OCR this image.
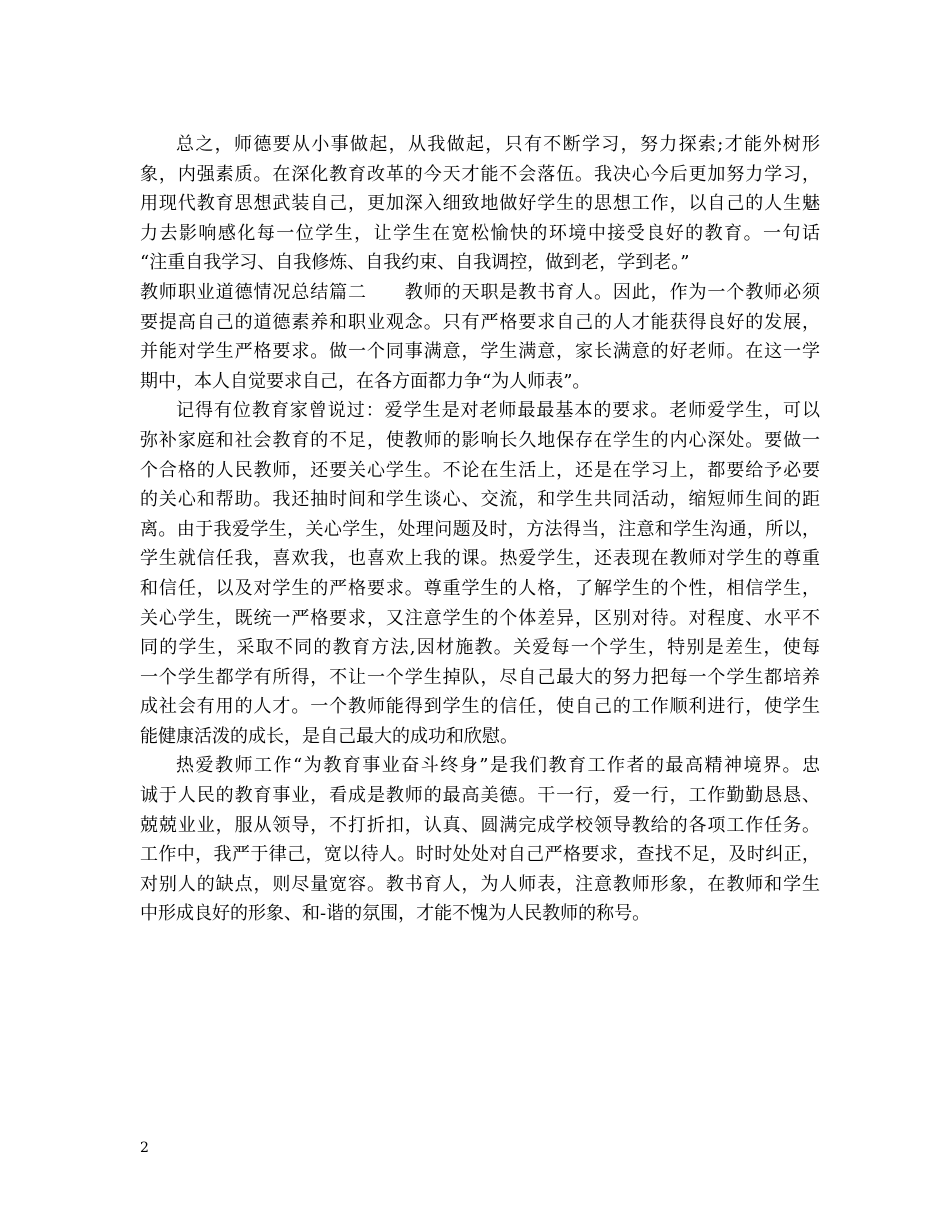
总之，师德要从小事做起，从我做起，只有不断学习，努力探索;才能外树形
象，内强素质。在深化教育改革的今天才能不会落伍。我决心今后更加努力学习，
用现代教育思想武装自己，更加深入细致地做好学生的思想工作，以自己的人生魅
力去影响感化每一位学生，让学生在宽松愉快的环境中接受良好的教育。一句话
“注重自我学习、自我修炼、自我约束、自我调控，做到老，学到老。”
教师职业道德情况总结篇二　　教师的天职是教书育人。因此，作为一个教师必须
要提高自己的道德素养和职业观念。只有严格要求自己的人才能获得良好的发展，
并能对学生严格要求。做一个同事满意，学生满意，家长满意的好老师。在这一学
期中，本人自觉要求自己，在各方面都力争“为人师表”。
记得有位教育家曾说过：爱学生是对老师最最基本的要求。老师爱学生，可以
弥补家庭和社会教育的不足，使教师的影响长久地保存在学生的内心深处。要做一
个合格的人民教师，还要关心学生。不论在生活上，还是在学习上，都要给予必要
的关心和帮助。我还抽时间和学生谈心、交流，和学生共同活动，缩短师生间的距
离。由于我爱学生，关心学生，处理问题及时，方法得当，注意和学生沟通，所以，
学生就信任我，喜欢我，也喜欢上我的课。热爱学生，还表现在教师对学生的尊重
和信任，以及对学生的严格要求。尊重学生的人格，了解学生的个性，相信学生，
关心学生，既统一严格要求，又注意学生的个体差异，区别对待。对程度、水平不
同的学生，采取不同的教育方法,因材施教。关爱每一个学生，特别是差生，使每
一个学生都学有所得，不让一个学生掉队，尽自己最大的努力把每一个学生都培养
成社会有用的人才。一个教师能得到学生的信任，使自己的工作顺利进行，使学生
能健康活泼的成长，是自己最大的成功和欣慰。
热爱教师工作“为教育事业奋斗终身”是我们教育工作者的最高精神境界。忠
诚于人民的教育事业，看成是教师的最高美德。干一行，爱一行，工作勤勤恳恳、
兢兢业业，服从领导，不打折扣，认真、圆满完成学校领导教给的各项工作任务。
工作中，我严于律己，宽以待人。时时处处对自己严格要求，查找不足，及时纠正，
对别人的缺点，则尽量宽容。教书育人，为人师表，注意教师形象，在教师和学生
中形成良好的形象、和-谐的氛围，才能不愧为人民教师的称号。
2
